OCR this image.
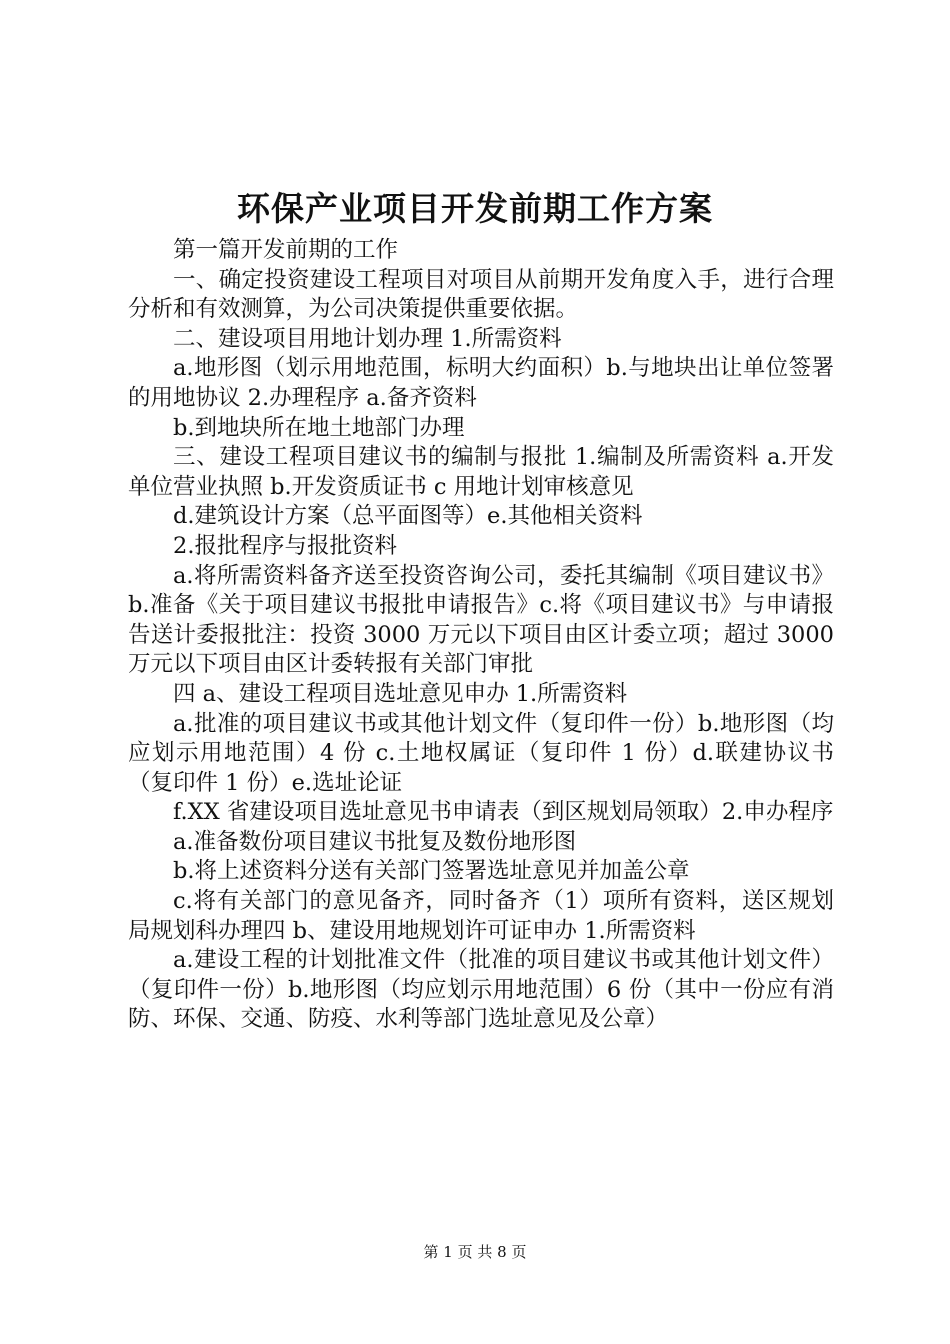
环保产业项目开发前期工作方案

第一篇开发前期的工作

一、确定投资建设工程项目对项目从前期开发角度入手，进行合理分析和有效测算，为公司决策提供重要依据。

二、建设项目用地计划办理 1.所需资料

a.地形图（划示用地范围，标明大约面积）b.与地块出让单位签署的用地协议 2.办理程序 a.备齐资料

b.到地块所在地土地部门办理

三、建设工程项目建议书的编制与报批 1.编制及所需资料 a.开发单位营业执照 b.开发资质证书 c 用地计划审核意见

d.建筑设计方案（总平面图等）e.其他相关资料

2.报批程序与报批资料

a.将所需资料备齐送至投资咨询公司，委托其编制《项目建议书》b.准备《关于项目建议书报批申请报告》c.将《项目建议书》与申请报告送计委报批注：投资 3000 万元以下项目由区计委立项；超过 3000 万元以下项目由区计委转报有关部门审批

四 a、建设工程项目选址意见申办 1.所需资料

a.批准的项目建议书或其他计划文件（复印件一份）b.地形图（均应划示用地范围）4 份 c.土地权属证（复印件 1 份）d.联建协议书（复印件 1 份）e.选址论证

f.XX 省建设项目选址意见书申请表（到区规划局领取）2.申办程序

a.准备数份项目建议书批复及数份地形图

b.将上述资料分送有关部门签署选址意见并加盖公章

c.将有关部门的意见备齐，同时备齐（1）项所有资料，送区规划局规划科办理四 b、建设用地规划许可证申办 1.所需资料

a.建设工程的计划批准文件（批准的项目建议书或其他计划文件）（复印件一份）b.地形图（均应划示用地范围）6 份（其中一份应有消防、环保、交通、防疫、水利等部门选址意见及公章）

第 1 页 共 8 页
